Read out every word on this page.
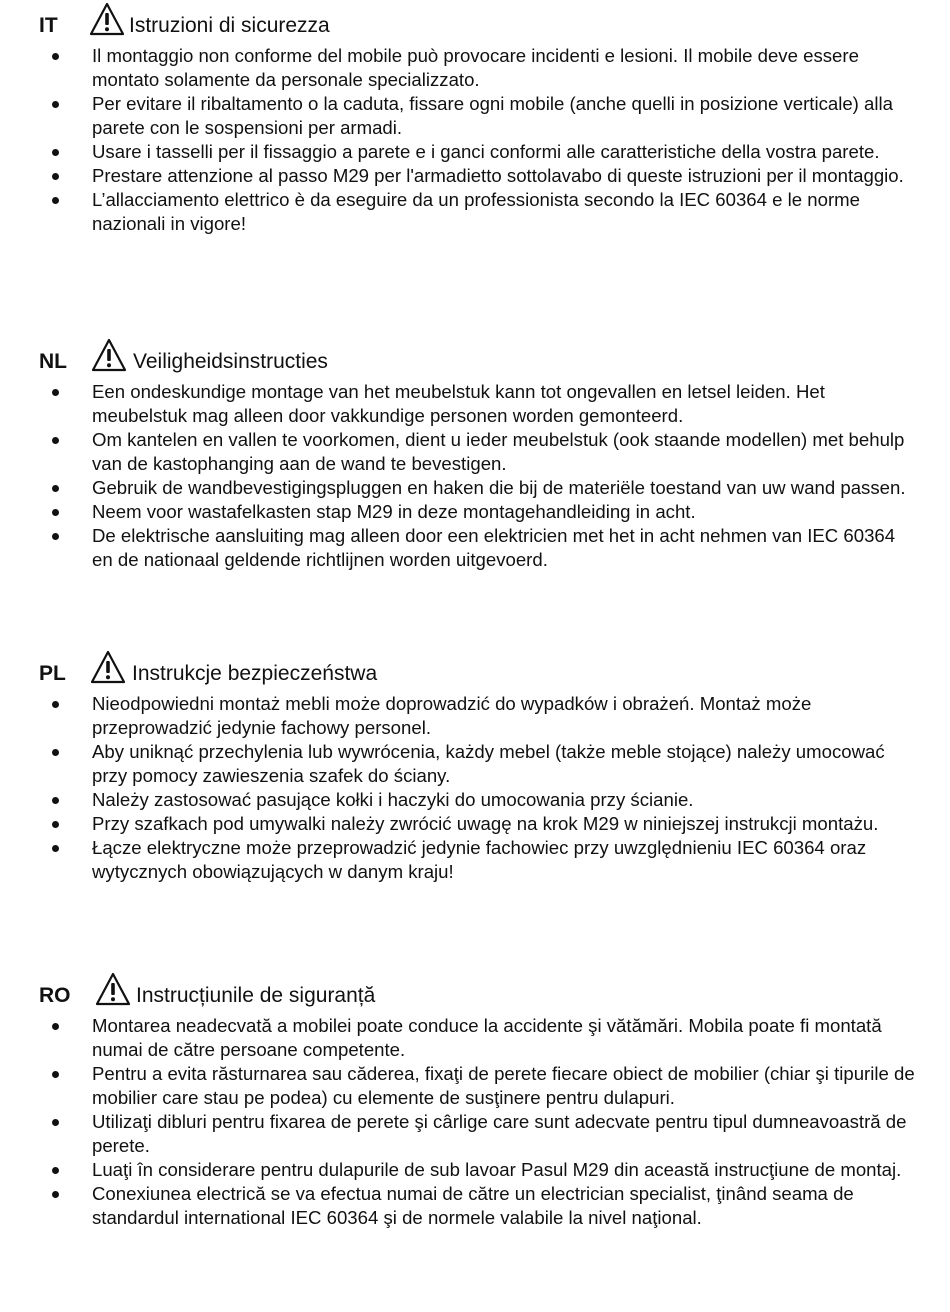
IT	Istruzioni di sicurezza
Il montaggio non conforme del mobile può provocare incidenti e lesioni. Il mobile deve essere montato solamente da personale specializzato.
Per evitare il ribaltamento o la caduta, fissare ogni mobile (anche quelli in posizione verticale) alla parete con le sospensioni per armadi.
Usare i tasselli per il fissaggio a parete e i ganci conformi alle caratteristiche della vostra parete.
Prestare attenzione al passo M29 per l'armadietto sottolavabo di queste istruzioni per il montaggio.
L’allacciamento elettrico è da eseguire da un professionista secondo la IEC 60364 e le norme nazionali in vigore!
NL	Veiligheidsinstructies
Een ondeskundige montage van het meubelstuk kann tot ongevallen en letsel leiden. Het meubelstuk mag alleen door vakkundige personen worden gemonteerd.
Om kantelen en vallen te voorkomen, dient u ieder meubelstuk (ook staande modellen) met behulp van de kastophanging aan de wand te bevestigen.
Gebruik de wandbevestigingspluggen en haken die bij de materiële toestand van uw wand passen.
Neem voor wastafelkasten stap M29 in deze montagehandleiding in acht.
De elektrische aansluiting mag alleen door een elektricien met het in acht nehmen van IEC 60364 en de nationaal geldende richtlijnen worden uitgevoerd.
PL	Instrukcje bezpieczeństwa
Nieodpowiedni montaż mebli może doprowadzić do wypadków i obrażeń. Montaż może przeprowadzić jedynie fachowy personel.
Aby uniknąć przechylenia lub wywrócenia, każdy mebel (także meble stojące) należy umocować przy pomocy zawieszenia szafek do ściany.
Należy zastosować pasujące kołki i haczyki do umocowania przy ścianie.
Przy szafkach pod umywalki należy zwrócić uwagę na krok M29 w niniejszej instrukcji montażu.
Łącze elektryczne może przeprowadzić jedynie fachowiec przy uwzględnieniu IEC 60364 oraz wytycznych obowiązujących w danym kraju!
RO	Instrucțiunile de siguranță
Montarea neadecvată a mobilei poate conduce la accidente şi vătămări. Mobila poate fi montată numai de către persoane competente.
Pentru a evita răsturnarea sau căderea, fixaţi de perete fiecare obiect de mobilier (chiar şi tipurile de mobilier care stau pe podea) cu elemente de susţinere pentru dulapuri.
Utilizaţi dibluri pentru fixarea de perete şi cârlige care sunt adecvate pentru tipul dumneavoastră de perete.
Luaţi în considerare pentru dulapurile de sub lavoar Pasul M29 din această instrucţiune de montaj.
Conexiunea electrică se va efectua numai de către un electrician specialist, ţinând seama de standardul international IEC 60364 şi de normele valabile la nivel naţional.
